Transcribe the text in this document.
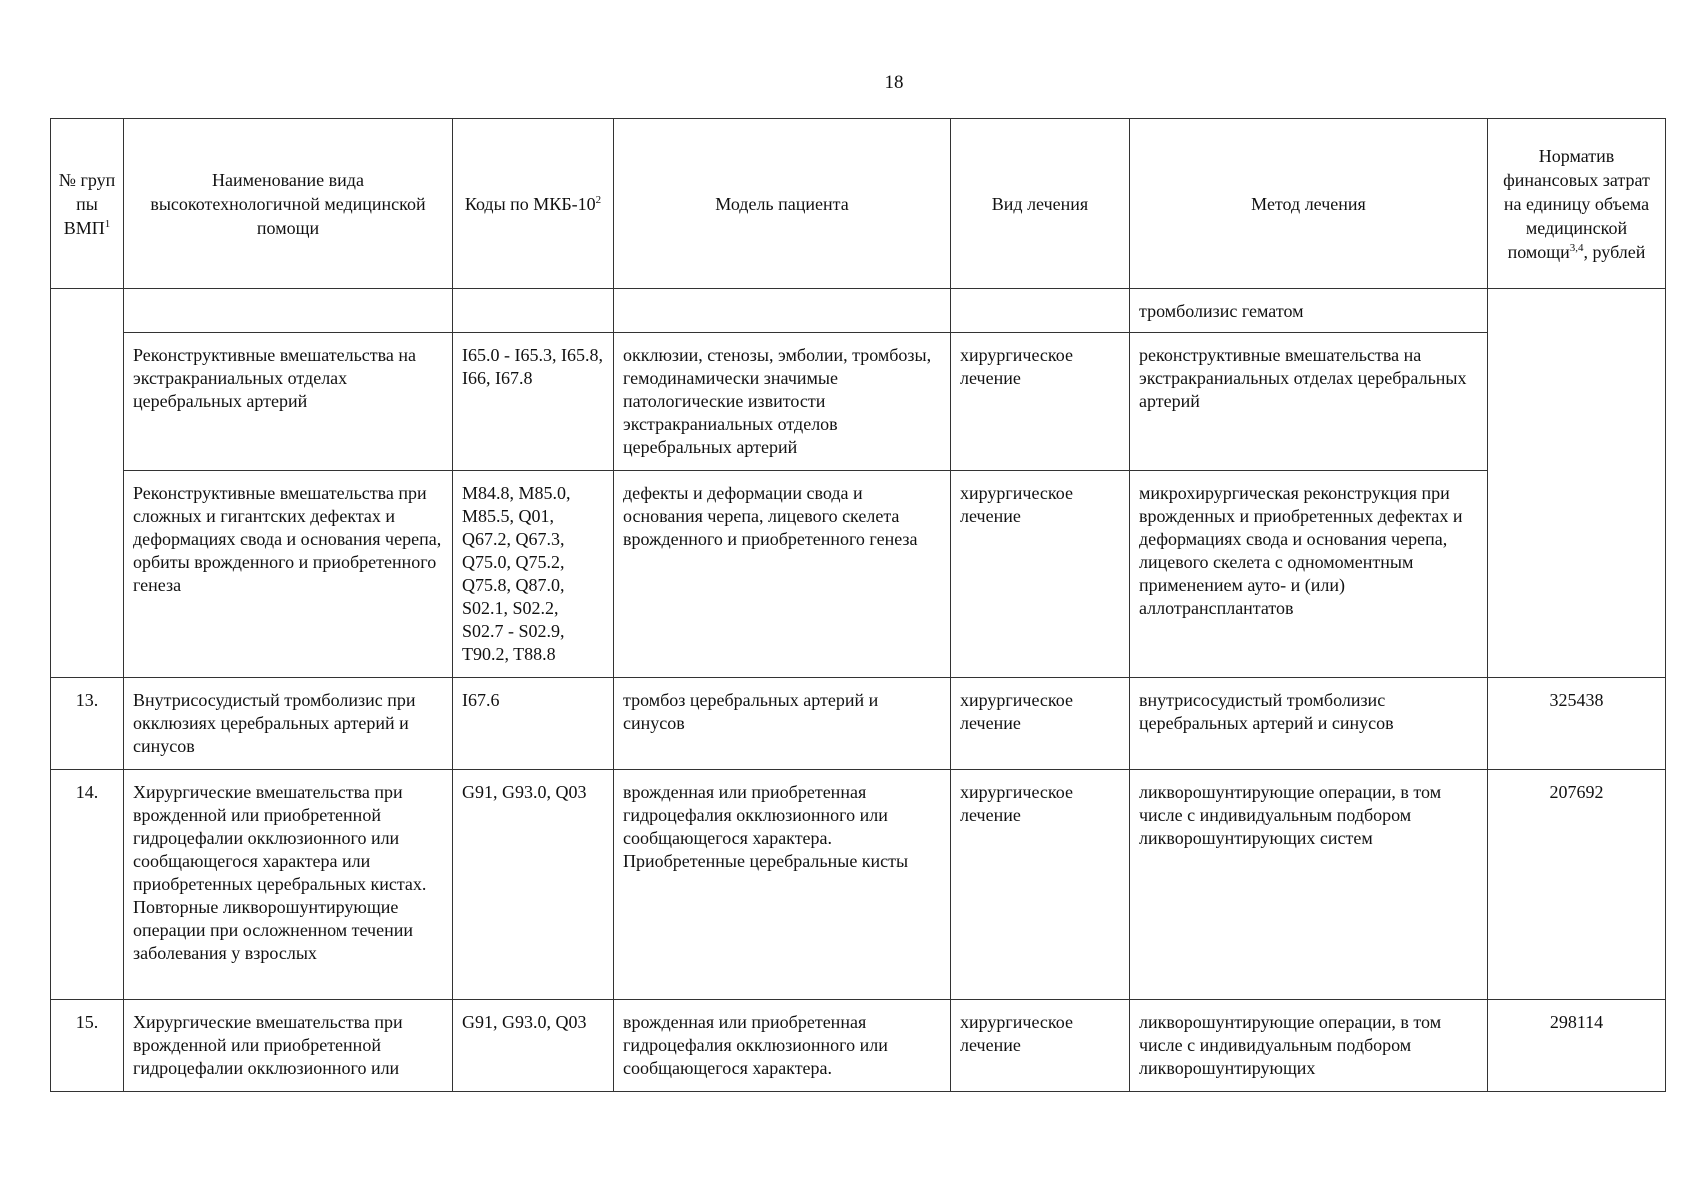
18
№ груп пы ВМП$^1$	Наименование вида высокотехнологичной медицинской помощи	Коды по МКБ-$10^2$	Модель пациента	Вид лечения	Метод лечения	Норматив финансовых затрат на единицу объема медицинской помощи$^{3,4}$, рублей
					тромболизис гематом	
	Реконструктивные вмешательства на экстракраниальных отделах церебральных артерий	I65.0 - I65.3, I65.8, I66, I67.8	окклюзии, стенозы, эмболии, тромбозы, гемодинамически значимые патологические извитости экстракраниальных отделов церебральных артерий	хирургическое лечение	реконструктивные вмешательства на экстракраниальных отделах церебральных артерий	
	Реконструктивные вмешательства при сложных и гигантских дефектах и деформациях свода и основания черепа, орбиты врожденного и приобретенного генеза	M84.8, M85.0, M85.5, Q01, Q67.2, Q67.3, Q75.0, Q75.2, Q75.8, Q87.0, S02.1, S02.2, S02.7 - S02.9, T90.2, T88.8	дефекты и деформации свода и основания черепа, лицевого скелета врожденного и приобретенного генеза	хирургическое лечение	микрохирургическая реконструкция при врожденных и приобретенных дефектах и деформациях свода и основания черепа, лицевого скелета с одномоментным применением ауто- и (или) аллотрансплантатов	
13.	Внутрисосудистый тромболизис при окклюзиях церебральных артерий и синусов	I67.6	тромбоз церебральных артерий и синусов	хирургическое лечение	внутрисосудистый тромболизис церебральных артерий и синусов	325438
14.	Хирургические вмешательства при врожденной или приобретенной гидроцефалии окклюзионного или сообщающегося характера или приобретенных церебральных кистах. Повторные ликворошунтирующие операции при осложненном течении заболевания у взрослых	G91, G93.0, Q03	врожденная или приобретенная гидроцефалия окклюзионного или сообщающегося характера. Приобретенные церебральные кисты	хирургическое лечение	ликворошунтирующие операции, в том числе с индивидуальным подбором ликворошунтирующих систем	207692
15.	Хирургические вмешательства при врожденной или приобретенной гидроцефалии окклюзионного или	G91, G93.0, Q03	врожденная или приобретенная гидроцефалия окклюзионного или сообщающегося характера.	хирургическое лечение	ликворошунтирующие операции, в том числе с индивидуальным подбором ликворошунтирующих	298114
